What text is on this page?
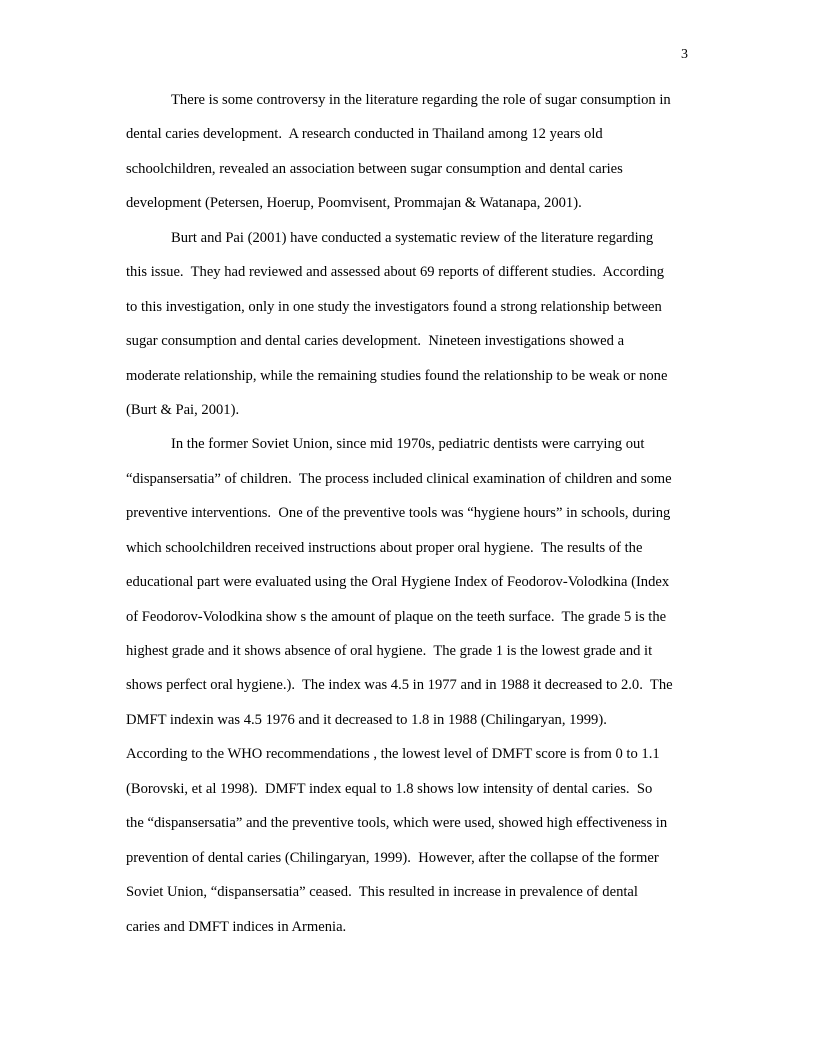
3
There is some controversy in the literature regarding the role of sugar consumption in
dental caries development.  A research conducted in Thailand among 12 years old
schoolchildren, revealed an association between sugar consumption and dental caries
development (Petersen, Hoerup, Poomvisent, Prommajan & Watanapa, 2001).
Burt and Pai (2001) have conducted a systematic review of the literature regarding
this issue.  They had reviewed and assessed about 69 reports of different studies.  According
to this investigation, only in one study the investigators found a strong relationship between
sugar consumption and dental caries development.  Nineteen investigations showed a
moderate relationship, while the remaining studies found the relationship to be weak or none
(Burt & Pai, 2001).
In the former Soviet Union, since mid 1970s, pediatric dentists were carrying out
“dispansersatia” of children.  The process included clinical examination of children and some
preventive interventions.  One of the preventive tools was “hygiene hours” in schools, during
which schoolchildren received instructions about proper oral hygiene.  The results of the
educational part were evaluated using the Oral Hygiene Index of Feodorov-Volodkina (Index
of Feodorov-Volodkina show s the amount of plaque on the teeth surface.  The grade 5 is the
highest grade and it shows absence of oral hygiene.  The grade 1 is the lowest grade and it
shows perfect oral hygiene.).  The index was 4.5 in 1977 and in 1988 it decreased to 2.0.  The
DMFT indexin was 4.5 1976 and it decreased to 1.8 in 1988 (Chilingaryan, 1999).
According to the WHO recommendations , the lowest level of DMFT score is from 0 to 1.1
(Borovski, et al 1998).  DMFT index equal to 1.8 shows low intensity of dental caries.  So
the “dispansersatia” and the preventive tools, which were used, showed high effectiveness in
prevention of dental caries (Chilingaryan, 1999).  However, after the collapse of the former
Soviet Union, “dispansersatia” ceased.  This resulted in increase in prevalence of dental
caries and DMFT indices in Armenia.
